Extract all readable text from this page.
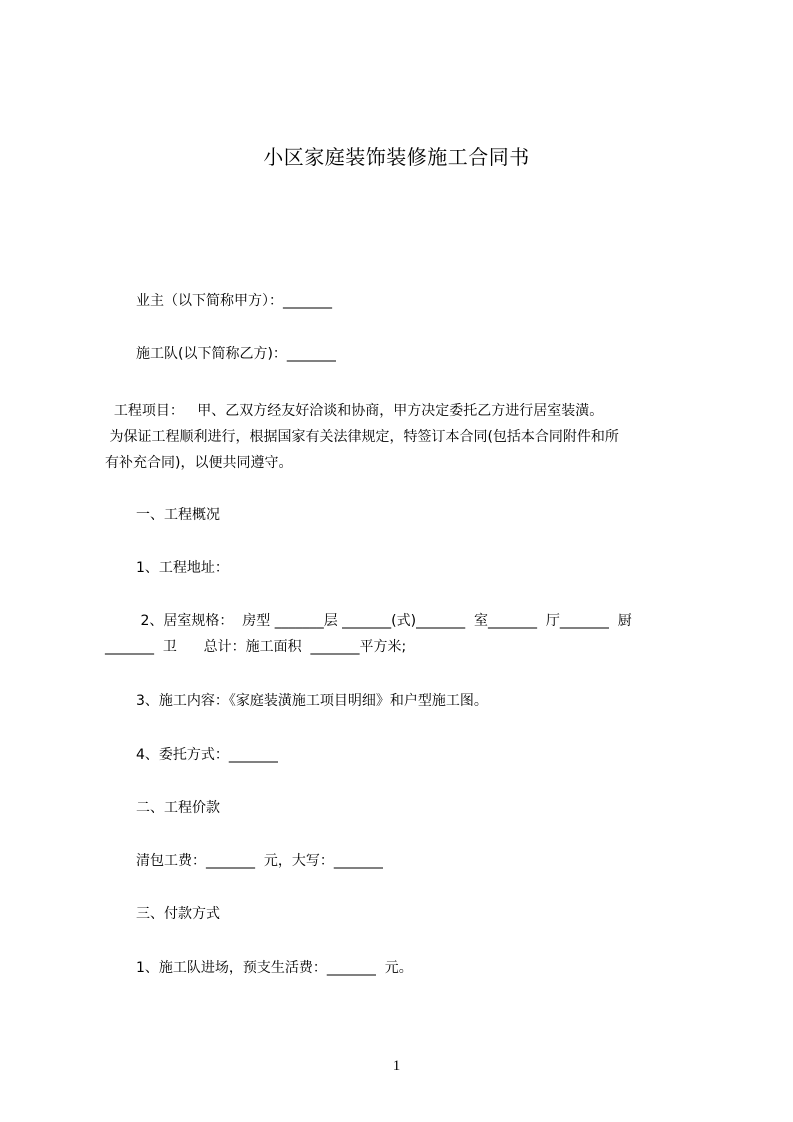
小区家庭装饰装修施工合同书
业主（以下简称甲方）：_______
施工队(以下简称乙方)：_______
工程项目：   甲、乙双方经友好洽谈和协商，甲方决定委托乙方进行居室装潢。
为保证工程顺利进行，根据国家有关法律规定，特签订本合同(包括本合同附件和所
有补充合同)，以便共同遵守。
一、工程概况
1、工程地址：
2、居室规格：  房型 _______层 _______(式)_______  室_______  厅_______  厨
_______  卫      总计：施工面积  _______平方米;
3、施工内容：《家庭装潢施工项目明细》和户型施工图。
4、委托方式：_______
二、工程价款
清包工费：_______  元，大写：_______
三、付款方式
1、施工队进场，预支生活费：_______  元。
1
